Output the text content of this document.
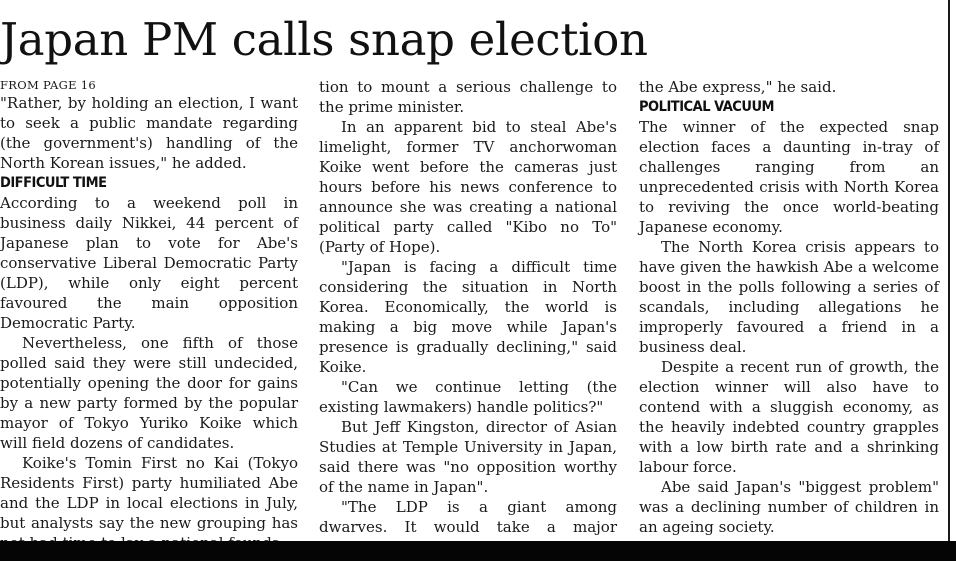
Japan PM calls snap election

FROM PAGE 16

"Rather, by holding an election, I want to seek a public mandate regarding (the government's) handling of the North Korean issues," he added.

DIFFICULT TIME

According to a weekend poll in business daily Nikkei, 44 percent of Japanese plan to vote for Abe's conservative Liberal Democratic Party (LDP), while only eight percent favoured the main opposition Democratic Party.

Nevertheless, one fifth of those polled said they were still undecided, potentially opening the door for gains by a new party formed by the popular mayor of Tokyo Yuriko Koike which will field dozens of candidates.

Koike's Tomin First no Kai (Tokyo Residents First) party humiliated Abe and the LDP in local elections in July, but analysts say the new grouping has

tion to mount a serious challenge to the prime minister.

In an apparent bid to steal Abe's limelight, former TV anchorwoman Koike went before the cameras just hours before his news conference to announce she was creating a national political party called "Kibo no To" (Party of Hope).

"Japan is facing a difficult time considering the situation in North Korea. Economically, the world is making a big move while Japan's presence is gradually declining," said Koike.

"Can we continue letting (the existing lawmakers) handle politics?"

But Jeff Kingston, director of Asian Studies at Temple University in Japan, said there was "no opposition worthy of the name in Japan".

"The LDP is a giant among dwarves. It would take a major

the Abe express," he said.

POLITICAL VACUUM

The winner of the expected snap election faces a daunting in-tray of challenges ranging from an unprecedented crisis with North Korea to reviving the once world-beating Japanese economy.

The North Korea crisis appears to have given the hawkish Abe a welcome boost in the polls following a series of scandals, including allegations he improperly favoured a friend in a business deal.

Despite a recent run of growth, the election winner will also have to contend with a sluggish economy, as the heavily indebted country grapples with a low birth rate and a shrinking labour force.

Abe said Japan's "biggest problem" was a declining number of children in an ageing society.
